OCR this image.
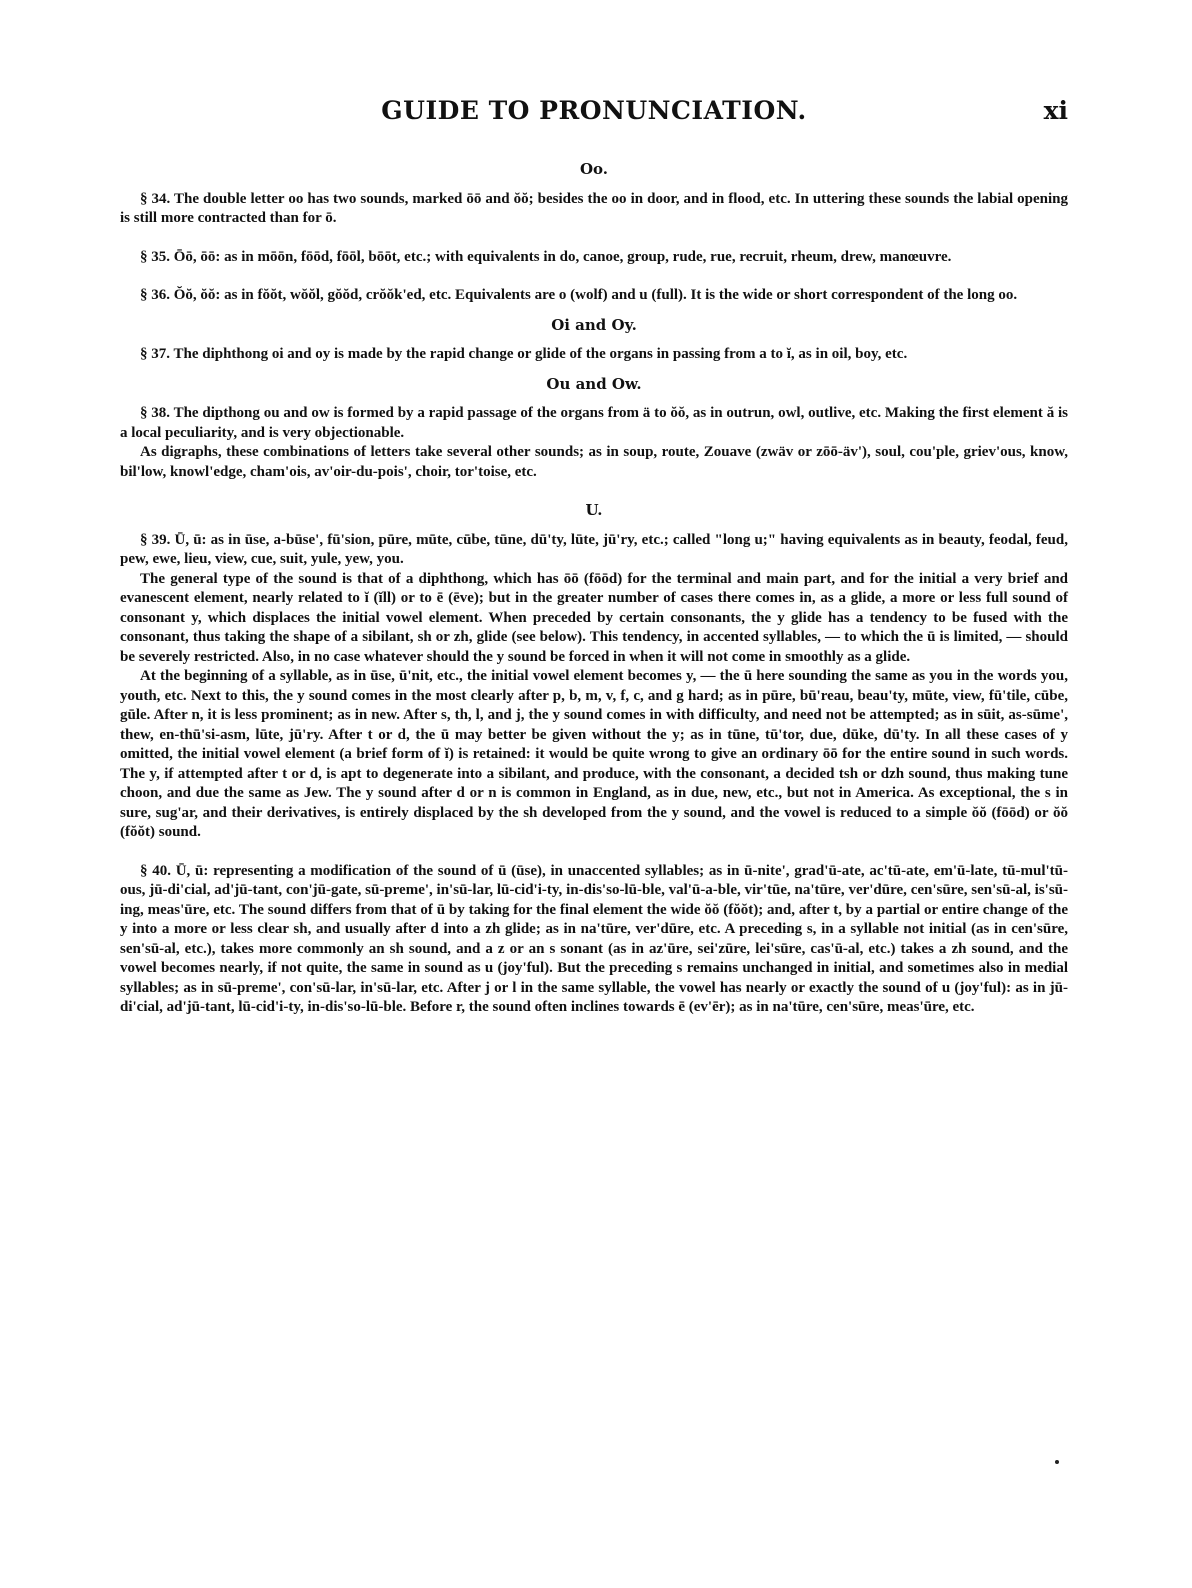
GUIDE TO PRONUNCIATION.	xi
Oo.

§ 34. The double letter oo has two sounds, marked ōō and ŏŏ; besides the oo in door, and in flood, etc. In uttering these sounds the labial opening is still more contracted than for ō.

§ 35. Ōō, ōō: as in mōōn, fōōd, fōōl, bōōt, etc.; with equivalents in do, canoe, group, rude, rue, recruit, rheum, drew, manœuvre.

§ 36. Ŏŏ, ŏŏ: as in fŏŏt, wŏŏl, gŏŏd, crŏŏk'ed, etc. Equivalents are o (wolf) and u (full). It is the wide or short correspondent of the long oo.

Oi and Oy.

§ 37. The diphthong oi and oy is made by the rapid change or glide of the organs in passing from a to ĭ, as in oil, boy, etc.

Ou and Ow.

§ 38. The dipthong ou and ow is formed by a rapid passage of the organs from ä to ŏŏ, as in outrun, owl, outlive, etc. Making the first element ă is a local peculiarity, and is very objectionable.

As digraphs, these combinations of letters take several other sounds; as in soup, route, Zouave (zwäv or zōō-äv'), soul, cou'ple, griev'ous, know, bil'low, knowl'edge, cham'ois, av'oir-du-pois', choir, tor'toise, etc.

U.

§ 39. Ū, ū: as in ūse, a-būse', fū'sion, pūre, mūte, cūbe, tūne, dū'ty, lūte, jū'ry, etc.; called "long u;" having equivalents as in beauty, feodal, feud, pew, ewe, lieu, view, cue, suit, yule, yew, you.

The general type of the sound is that of a diphthong, which has ōō (fōōd) for the terminal and main part, and for the initial a very brief and evanescent element, nearly related to ĭ (ĭll) or to ē (ēve); but in the greater number of cases there comes in, as a glide, a more or less full sound of consonant y, which displaces the initial vowel element. When preceded by certain consonants, the y glide has a tendency to be fused with the consonant, thus taking the shape of a sibilant, sh or zh, glide (see below). This tendency, in accented syllables, — to which the ū is limited, — should be severely restricted. Also, in no case whatever should the y sound be forced in when it will not come in smoothly as a glide.

At the beginning of a syllable, as in ūse, ū'nit, etc., the initial vowel element becomes y, — the ū here sounding the same as you in the words you, youth, etc. Next to this, the y sound comes in the most clearly after p, b, m, v, f, c, and g hard; as in pūre, bū'reau, beau'ty, mūte, view, fū'tile, cūbe, gūle. After n, it is less prominent; as in new. After s, th, l, and j, the y sound comes in with difficulty, and need not be attempted; as in sūit, as-sūme', thew, en-thū'si-asm, lūte, jū'ry. After t or d, the ū may better be given without the y; as in tūne, tū'tor, due, dūke, dū'ty. In all these cases of y omitted, the initial vowel element (a brief form of ĭ) is retained: it would be quite wrong to give an ordinary ōō for the entire sound in such words. The y, if attempted after t or d, is apt to degenerate into a sibilant, and produce, with the consonant, a decided tsh or dzh sound, thus making tune choon, and due the same as Jew. The y sound after d or n is common in England, as in due, new, etc., but not in America. As exceptional, the s in sure, sug'ar, and their derivatives, is entirely displaced by the sh developed from the y sound, and the vowel is reduced to a simple ŏŏ (fōōd) or ŏŏ (fŏŏt) sound.

§ 40. Ū, ū: representing a modification of the sound of ū (ūse), in unaccented syllables; as in ū-nite', grad'ū-ate, ac'tū-ate, em'ū-late, tū-mul'tū-ous, jū-di'cial, ad'jū-tant, con'jū-gate, sū-preme', in'sū-lar, lū-cid'i-ty, in-dis'so-lū-ble, val'ū-a-ble, vir'tūe, na'tūre, ver'dūre, cen'sūre, sen'sū-al, is'sū-ing, meas'ūre, etc. The sound differs from that of ū by taking for the final element the wide ŏŏ (fŏŏt); and, after t, by a partial or entire change of the y into a more or less clear sh, and usually after d into a zh glide; as in na'tūre, ver'dūre, etc. A preceding s, in a syllable not initial (as in cen'sūre, sen'sū-al, etc.), takes more commonly an sh sound, and a z or an s sonant (as in az'ūre, sei'zūre, lei'sūre, cas'ū-al, etc.) takes a zh sound, and the vowel becomes nearly, if not quite, the same in sound as u (joy'ful). But the preceding s remains unchanged in initial, and sometimes also in medial syllables; as in sū-preme', con'sū-lar, in'sū-lar, etc. After j or l in the same syllable, the vowel has nearly or exactly the sound of u (joy'ful): as in jū-di'cial, ad'jū-tant, lū-cid'i-ty, in-dis'so-lū-ble. Before r, the sound often inclines towards ē (ev'ēr); as in na'tūre, cen'sūre, meas'ūre, etc.
